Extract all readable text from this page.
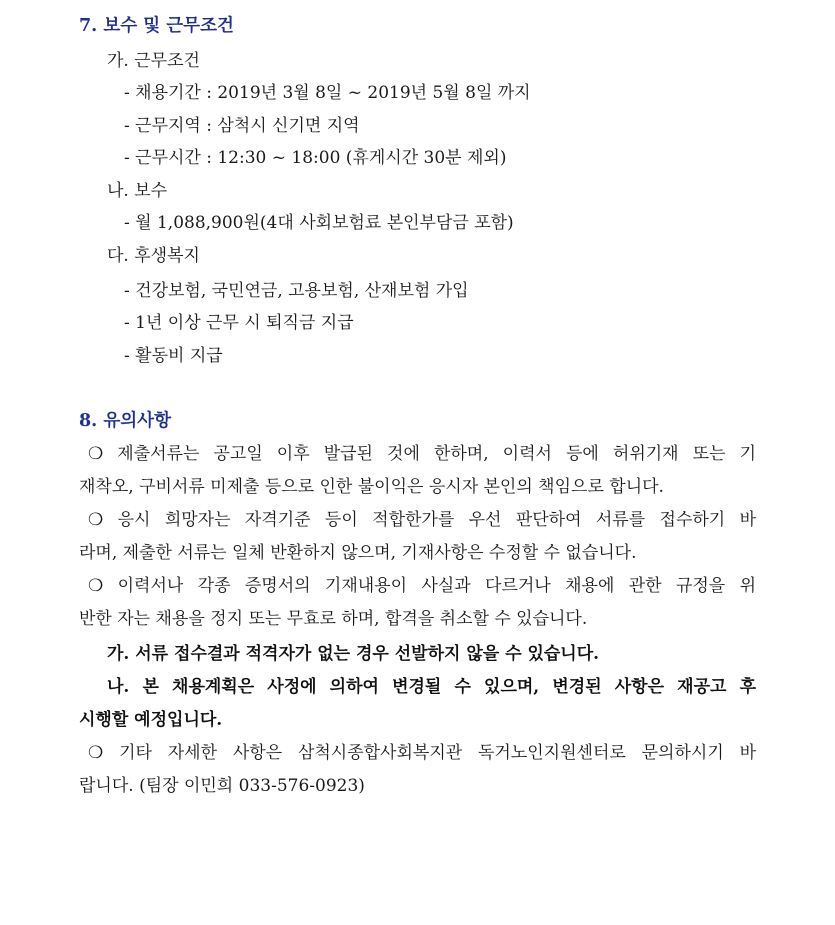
7. 보수 및 근무조건
가. 근무조건
- 채용기간 : 2019년 3월 8일 ~ 2019년 5월 8일 까지
- 근무지역 : 삼척시 신기면 지역
- 근무시간 : 12:30 ~ 18:00 (휴게시간 30분 제외)
나. 보수
- 월 1,088,900원(4대 사회보험료 본인부담금 포함)
다. 후생복지
- 건강보험, 국민연금, 고용보험, 산재보험 가입
- 1년 이상 근무 시 퇴직금 지급
- 활동비 지급
8. 유의사항
❍ 제출서류는 공고일 이후 발급된 것에 한하며, 이력서 등에 허위기재 또는 기
재착오, 구비서류 미제출 등으로 인한 불이익은 응시자 본인의 책임으로 합니다.
❍ 응시 희망자는 자격기준 등이 적합한가를 우선 판단하여 서류를 접수하기 바
라며, 제출한 서류는 일체 반환하지 않으며, 기재사항은 수정할 수 없습니다.
❍ 이력서나 각종 증명서의 기재내용이 사실과 다르거나 채용에 관한 규정을 위
반한 자는 채용을 정지 또는 무효로 하며, 합격을 취소할 수 있습니다.
가. 서류 접수결과 적격자가 없는 경우 선발하지 않을 수 있습니다.
나. 본 채용계획은 사정에 의하여 변경될 수 있으며, 변경된 사항은 재공고 후
시행할 예정입니다.
❍ 기타 자세한 사항은 삼척시종합사회복지관 독거노인지원센터로 문의하시기 바
랍니다. (팀장 이민희 033-576-0923)
